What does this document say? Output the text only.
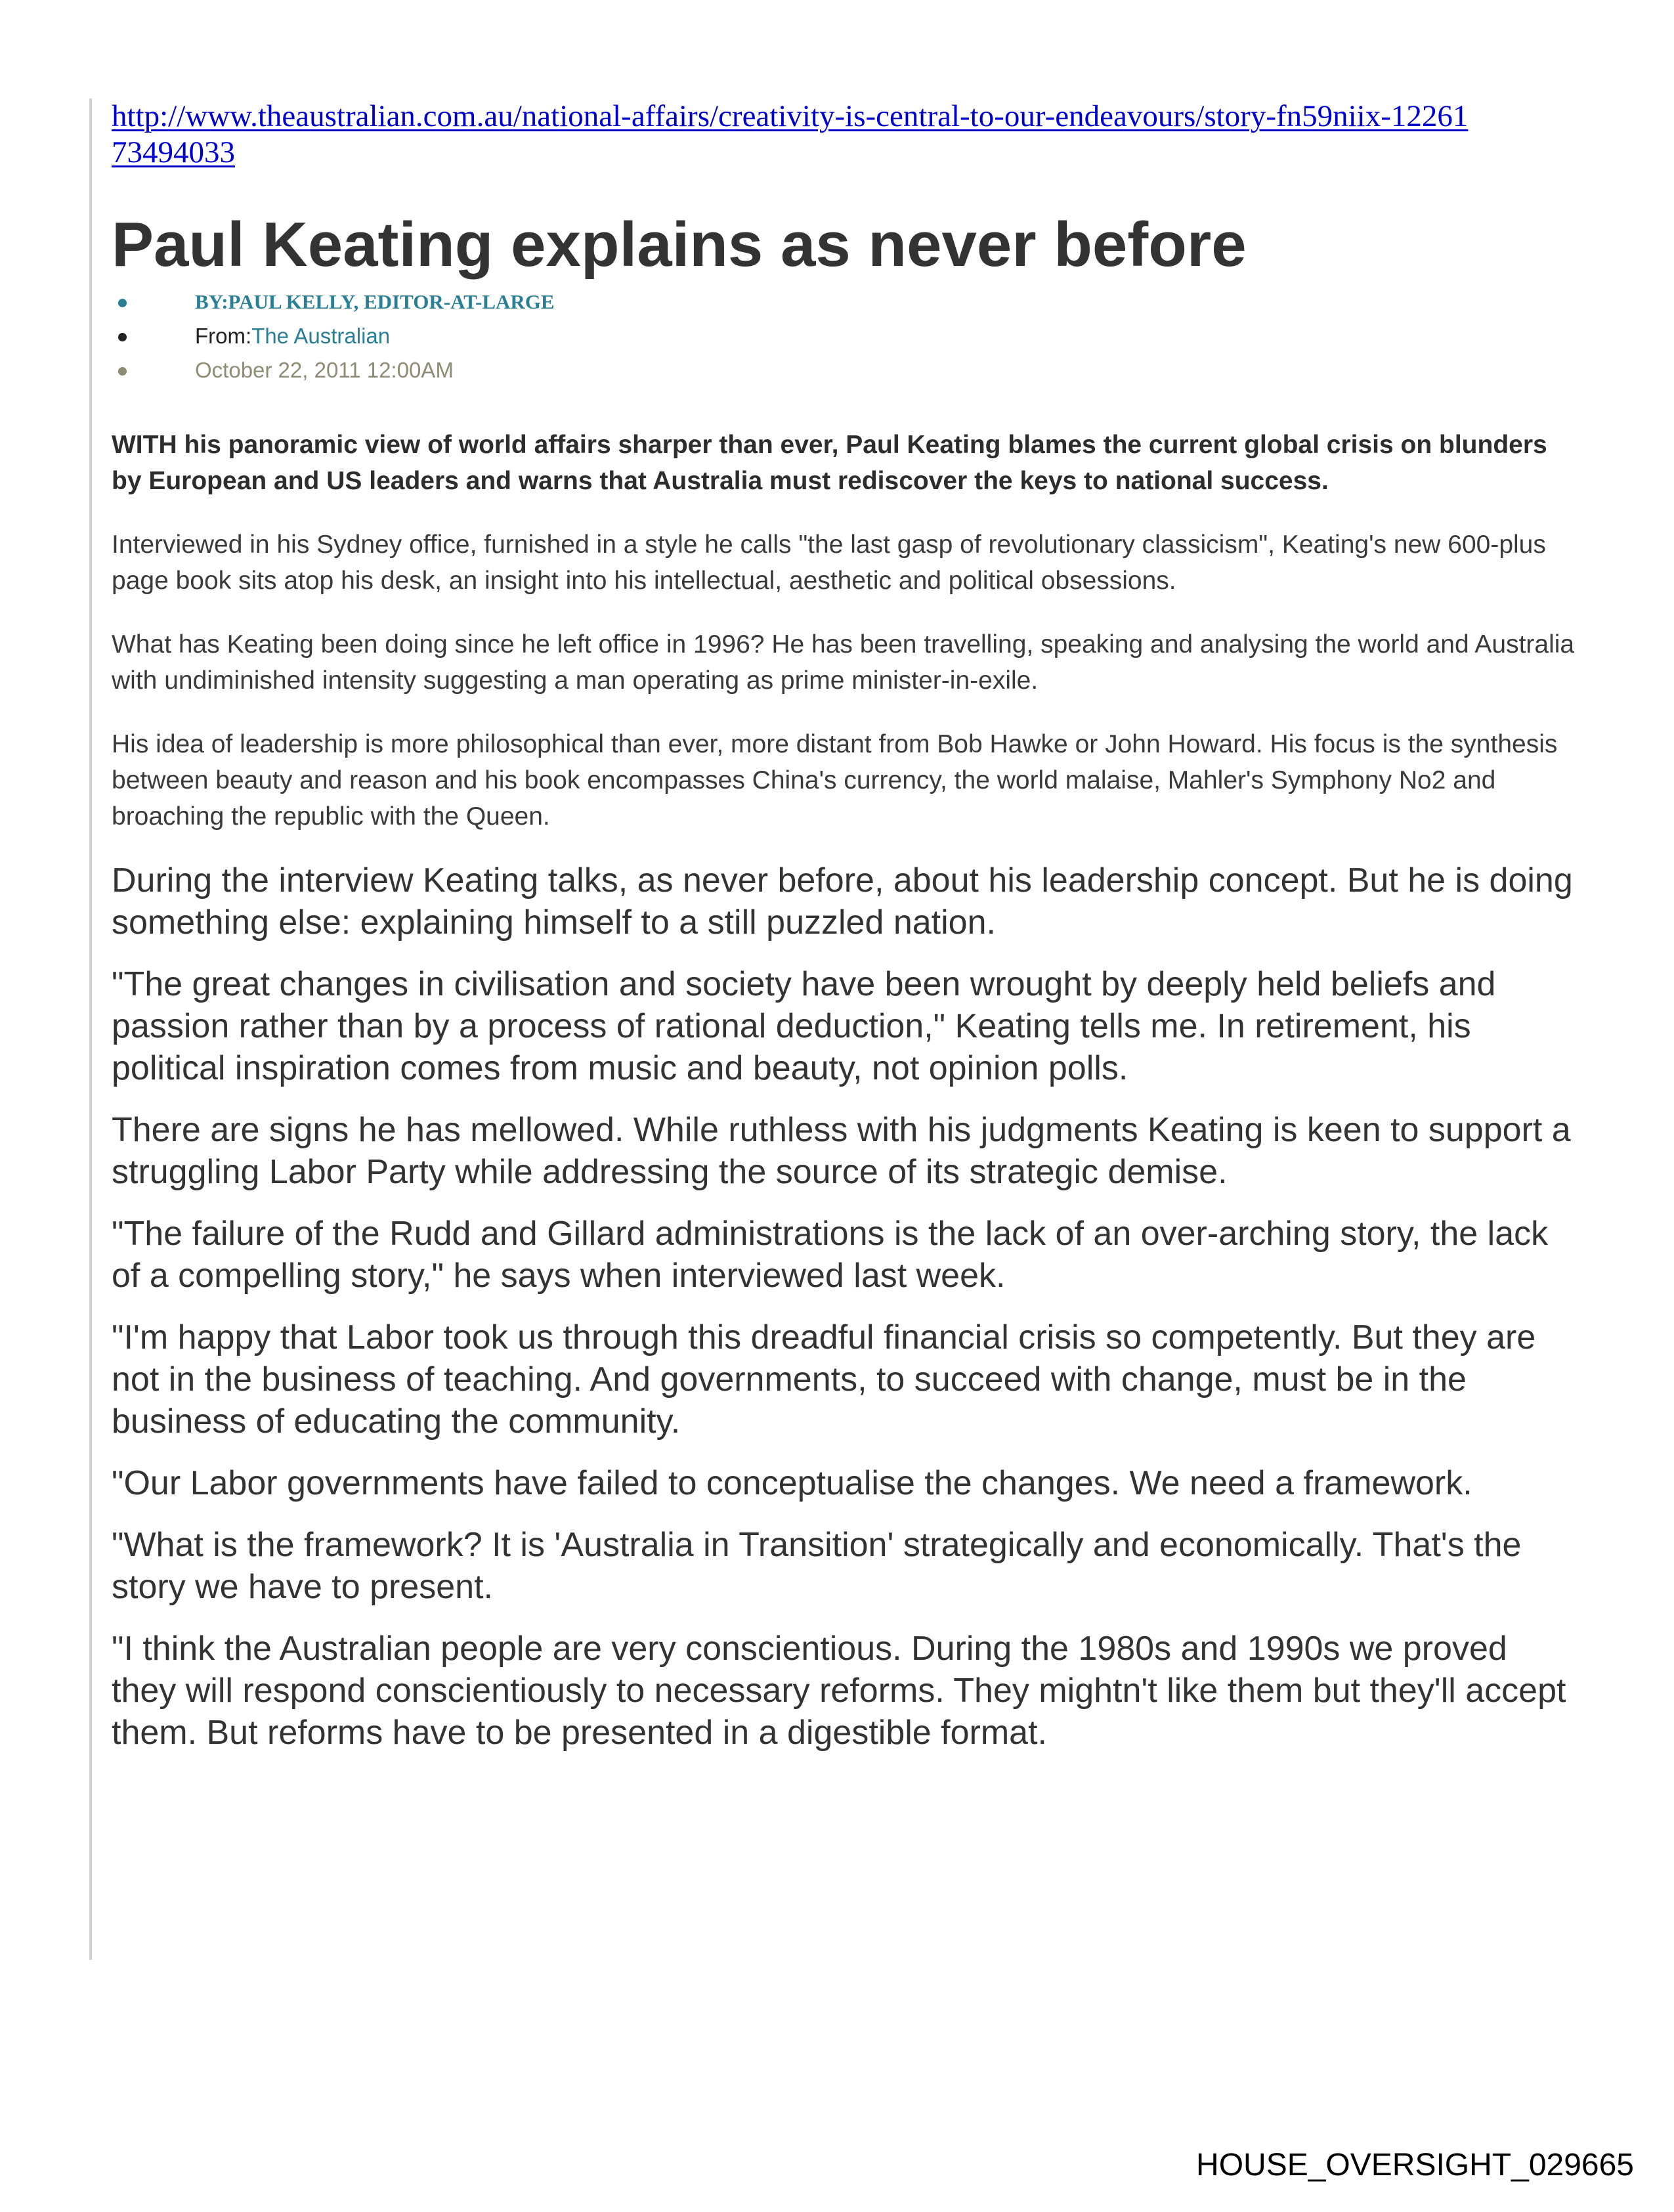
http://www.theaustralian.com.au/national-affairs/creativity-is-central-to-our-endeavours/story-fn59niix-1226173494033
Paul Keating explains as never before
BY:PAUL KELLY, EDITOR-AT-LARGE
From:The Australian
October 22, 2011 12:00AM

WITH his panoramic view of world affairs sharper than ever, Paul Keating blames the current global crisis on blunders by European and US leaders and warns that Australia must rediscover the keys to national success.

Interviewed in his Sydney office, furnished in a style he calls "the last gasp of revolutionary classicism", Keating's new 600-plus page book sits atop his desk, an insight into his intellectual, aesthetic and political obsessions.

What has Keating been doing since he left office in 1996? He has been travelling, speaking and analysing the world and Australia with undiminished intensity suggesting a man operating as prime minister-in-exile.

His idea of leadership is more philosophical than ever, more distant from Bob Hawke or John Howard. His focus is the synthesis between beauty and reason and his book encompasses China's currency, the world malaise, Mahler's Symphony No2 and broaching the republic with the Queen.

During the interview Keating talks, as never before, about his leadership concept. But he is doing something else: explaining himself to a still puzzled nation.

"The great changes in civilisation and society have been wrought by deeply held beliefs and passion rather than by a process of rational deduction," Keating tells me. In retirement, his political inspiration comes from music and beauty, not opinion polls.

There are signs he has mellowed. While ruthless with his judgments Keating is keen to support a struggling Labor Party while addressing the source of its strategic demise.

"The failure of the Rudd and Gillard administrations is the lack of an over-arching story, the lack of a compelling story," he says when interviewed last week.

"I'm happy that Labor took us through this dreadful financial crisis so competently. But they are not in the business of teaching. And governments, to succeed with change, must be in the business of educating the community.

"Our Labor governments have failed to conceptualise the changes. We need a framework.

"What is the framework? It is 'Australia in Transition' strategically and economically. That's the story we have to present.

"I think the Australian people are very conscientious. During the 1980s and 1990s we proved they will respond conscientiously to necessary reforms. They mightn't like them but they'll accept them. But reforms have to be presented in a digestible format.

HOUSE_OVERSIGHT_029665
